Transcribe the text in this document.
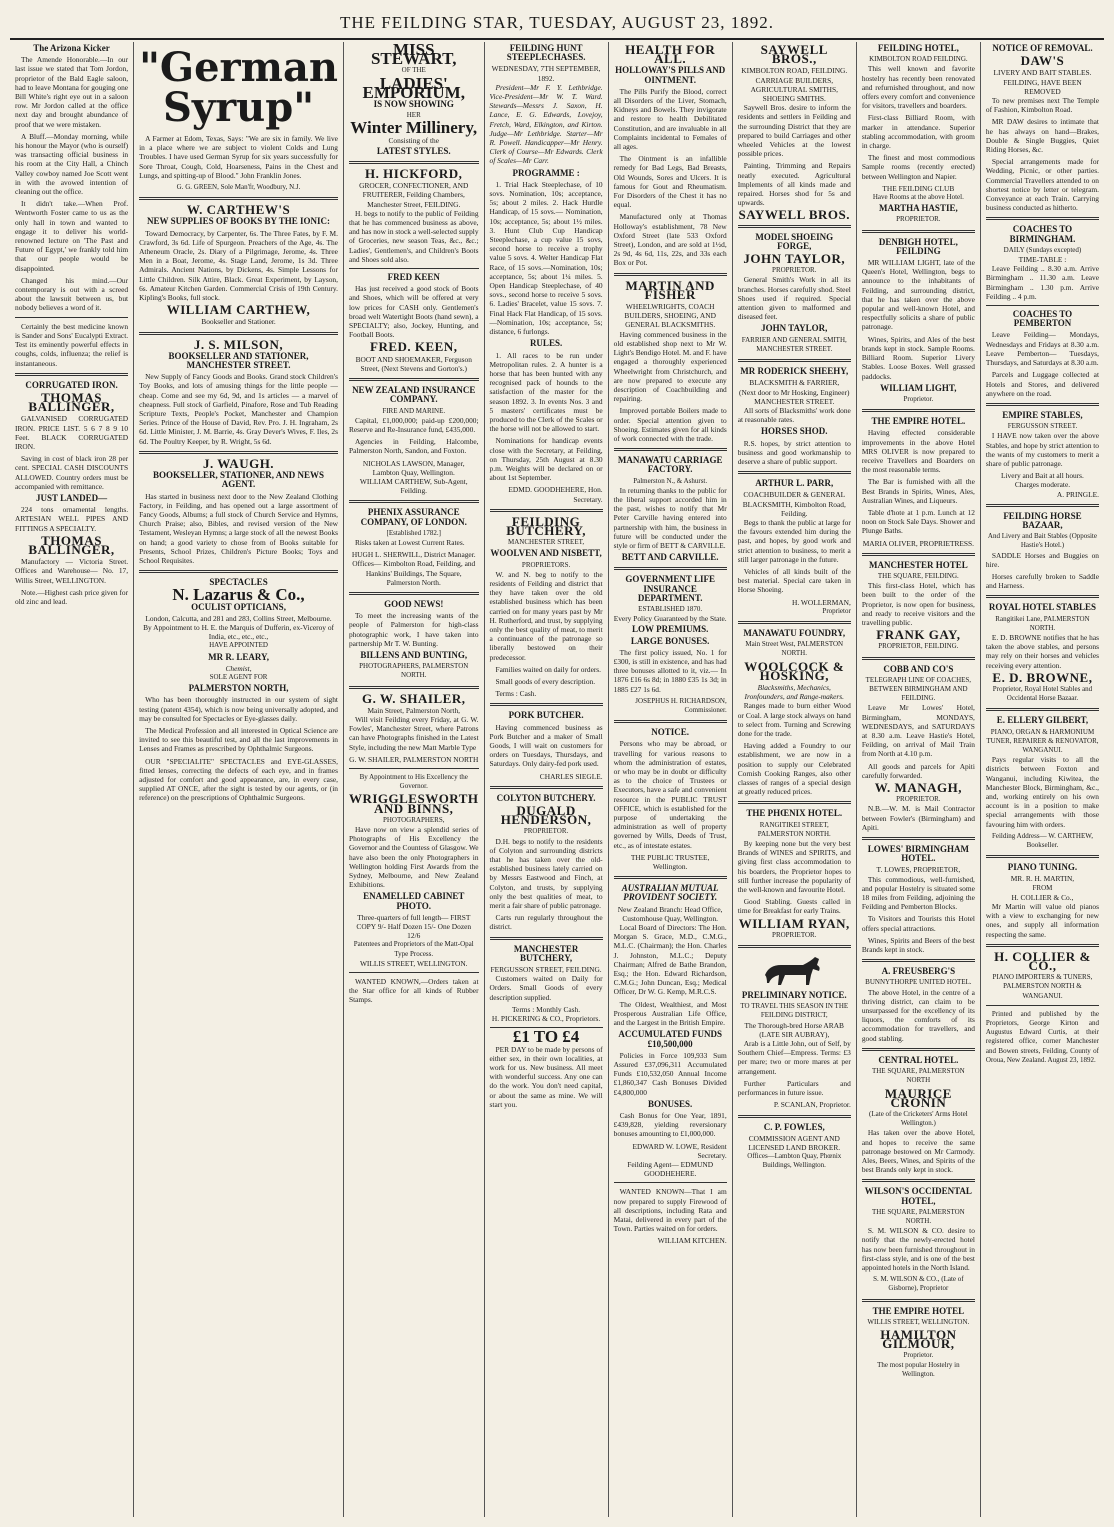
THE FEILDING STAR, TUESDAY, AUGUST 23, 1892.
The Arizona Kicker

The Amende Honorable.—In our last issue we stated that Tom Jordon, proprietor of the Bald Eagle saloon, had to leave Montana for gouging one Bill White's right eye out in a saloon row. Mr Jordon called at the office next day and brought abundance of proof that we were mistaken.

A Bluff.—Monday morning, while his honour the Mayor (who is ourself) was transacting official business in his room at the City Hall, a Chinch Valley cowboy named Joe Scott went in with the avowed intention of cleaning out the office.

It didn't take.—When Prof. Wentworth Foster came to us as the only hall in town and wanted to engage it to deliver his world-renowned lecture on 'The Past and Future of Egypt,' we frankly told him that our people would be disappointed.

Changed his mind.—Our contemporary is out with a screed about the lawsuit between us, but nobody believes a word of it.

Certainly the best medicine known is Sander and Sons' Eucalypti Extract. Test its eminently powerful effects in coughs, colds, influenza; the relief is instantaneous.

CORRUGATED IRON.
THOMAS BALLINGER,

GALVANISED CORRUGATED IRON. PRICE LIST. 5 6 7 8 9 10 Feet. BLACK CORRUGATED IRON.

Saving in cost of black iron 28 per cent. SPECIAL CASH DISCOUNTS ALLOWED. Country orders must be accompanied with remittance.

JUST LANDED—

224 tons ornamental lengths. ARTESIAN WELL PIPES AND FITTINGS A SPECIALTY.

THOMAS BALLINGER,

Manufactory — Victoria Street. Offices and Warehouse— No. 17, Willis Street, WELLINGTON.

Note.—Highest cash price given for old zinc and lead.

"German Syrup"

A Farmer at Edom, Texas, Says: "We are six in family. We live in a place where we are subject to violent Colds and Lung Troubles. I have used German Syrup for six years successfully for Sore Throat, Cough, Cold, Hoarseness, Pains in the Chest and Lungs, and spitting-up of Blood." John Franklin Jones.

G. G. GREEN, Sole Man'fr, Woodbury, N.J.
W. CARTHEW'S
NEW SUPPLIES OF BOOKS BY THE IONIC:

Toward Democracy, by Carpenter, 6s. The Three Fates, by F. M. Crawford, 3s 6d. Life of Spurgeon. Preachers of the Age, 4s. The Atheneum Oracle, 2s. Diary of a Pilgrimage, Jerome, 4s. Three Men in a Boat, Jerome, 4s. Stage Land, Jerome, 1s 3d. Three Admirals. Ancient Nations, by Dickens, 4s. Simple Lessons for Little Children. Silk Attire, Black. Great Experiment, by Layson, 6s. Amateur Kitchen Garden. Commercial Crisis of 19th Century. Kipling's Books, full stock.

WILLIAM CARTHEW,
Bookseller and Stationer.
J. S. MILSON,
BOOKSELLER AND STATIONER, MANCHESTER STREET.

New Supply of Fancy Goods and Books. Grand stock Children's Toy Books, and lots of amusing things for the little people — cheap. Come and see my 6d, 9d, and 1s articles — a marvel of cheapness. Full stock of Garfield, Pinafore, Rose and Tub Reading Scripture Texts, People's Pocket, Manchester and Champion Series. Prince of the House of David, Rev. Pro. J. H. Ingraham, 2s 6d. Little Minister, J. M. Barrie, 4s. Gray Dever's Wives, F. Iles, 2s 6d. The Poultry Keeper, by R. Wright, 5s 6d.

J. WAUGH.
BOOKSELLER, STATIONER, AND NEWS AGENT.

Has started in business next door to the New Zealand Clothing Factory, in Feilding, and has opened out a large assortment of Fancy Goods, Albums; a full stock of Church Service and Hymns, Church Praise; also, Bibles, and revised version of the New Testament, Wesleyan Hymns; a large stock of all the newest Books on hand; a good variety to chose from of Books suitable for Presents, School Prizes, Children's Picture Books; Toys and School Requisites.

SPECTACLES
N. Lazarus & Co.,
OCULIST OPTICIANS,
London, Calcutta, and 281 and 283, Collins Street, Melbourne.
By Appointment to H. E. the Marquis of Dufferin, ex-Viceroy of India, etc., etc., etc.,
HAVE APPOINTED
MR R. LEARY,
Chemist,
SOLE AGENT FOR
PALMERSTON NORTH,

Who has been thoroughly instructed in our system of sight testing (patent 4354), which is now being universally adopted, and may be consulted for Spectacles or Eye-glasses daily.

The Medical Profession and all interested in Optical Science are invited to see this beautiful test, and all the last improvements in Lenses and Frames as prescribed by Ophthalmic Surgeons.

OUR "SPECIALITE" SPECTACLES and EYE-GLASSES, fitted lenses, correcting the defects of each eye, and in frames adjusted for comfort and good appearance, are, in every case, supplied AT ONCE, after the sight is tested by our agents, or (in reference) on the prescriptions of Ophthalmic Surgeons.

MISS STEWART,
OF THE
LADIES' EMPORIUM,
IS NOW SHOWING
HER
Winter Millinery,
Consisting of the
LATEST STYLES.
H. HICKFORD,
GROCER, CONFECTIONER, AND FRUITERER, Feilding Chambers, Manchester Street, FEILDING.

H. begs to notify to the public of Feilding that he has commenced business as above, and has now in stock a well-selected supply of Groceries, new season Teas, &c., &c.; Ladies', Gentlemen's, and Children's Boots and Shoes sold also.

FRED KEEN

Has just received a good stock of Boots and Shoes, which will be offered at very low prices for CASH only. Gentlemen's broad welt Watertight Boots (hand sewn), a SPECIALTY; also, Jockey, Hunting, and Football Boots.

FRED. KEEN,
BOOT AND SHOEMAKER, Ferguson Street, (Next Stevens and Gorton's.)
NEW ZEALAND INSURANCE COMPANY.
FIRE AND MARINE.

Capital, £1,000,000; paid-up £200,000; Reserve and Re-Insurance fund, £435,000.

Agencies in Feilding, Halcombe, Palmerston North, Sandon, and Foxton.

NICHOLAS LAWSON, Manager, Lambton Quay, Wellington.
WILLIAM CARTHEW, Sub-Agent, Feilding.
PHENIX ASSURANCE COMPANY, OF LONDON.
[Established 1782.]

Risks taken at Lowest Current Rates.

HUGH L. SHERWILL, District Manager.
Offices— Kimbolton Road, Feilding, and Hankins' Buildings, The Square, Palmerston North.
GOOD NEWS!

To meet the increasing wants of the people of Palmerston for high-class photographic work, I have taken into partnership Mr T. W. Bunting.

BILLENS AND BUNTING,
PHOTOGRAPHERS, PALMERSTON NORTH.
G. W. SHAILER,
Main Street, Palmerston North,

Will visit Feilding every Friday, at G. W. Fowles', Manchester Street, where Patrons can have Photographs finished in the Latest Style, including the new Matt Marble Type

G. W. SHAILER, PALMERSTON NORTH
By Appointment to His Excellency the Governor.
WRIGGLESWORTH AND BINNS,
PHOTOGRAPHERS,

Have now on view a splendid series of Photographs of His Excellency the Governor and the Countess of Glasgow. We have also been the only Photographers in Wellington holding First Awards from the Sydney, Melbourne, and New Zealand Exhibitions.

ENAMELLED CABINET PHOTO.
Three-quarters of full length— FIRST COPY 9/- Half Dozen 15/- One Dozen 12/6
Patentees and Proprietors of the Matt-Opal Type Process.
WILLIS STREET, WELLINGTON.

WANTED KNOWN,—Orders taken at the Star office for all kinds of Rubber Stamps.

FEILDING HUNT STEEPLECHASES.
WEDNESDAY, 7TH SEPTEMBER, 1892.

President—Mr F. Y. Lethbridge. Vice-President—Mr W. T. Ward. Stewards—Messrs J. Saxon, H. Lance, E. G. Edwards, Lovejoy, Fretch, Ward, Elkington, and Kirton. Judge—Mr Lethbridge. Starter—Mr R. Powell. Handicapper—Mr Henry. Clerk of Course—Mr Edwards. Clerk of Scales—Mr Carr.

PROGRAMME :

1. Trial Hack Steeplechase, of 10 sovs. Nomination, 10s; acceptance, 5s; about 2 miles. 2. Hack Hurdle Handicap, of 15 sovs.— Nomination, 10s; acceptance, 5s; about 1½ miles. 3. Hunt Club Cup Handicap Steeplechase, a cup value 15 sovs, second horse to receive a trophy value 5 sovs. 4. Welter Handicap Flat Race, of 15 sovs.—Nomination, 10s; acceptance, 5s; about 1¼ miles. 5. Open Handicap Steeplechase, of 40 sovs., second horse to receive 5 sovs. 6. Ladies' Bracelet, value 15 sovs. 7. Final Hack Flat Handicap, of 15 sovs.—Nomination, 10s; acceptance, 5s; distance, 6 furlongs.

RULES.

1. All races to be run under Metropolitan rules. 2. A hunter is a horse that has been hunted with any recognised pack of hounds to the satisfaction of the master for the season 1892. 3. In events Nos. 3 and 5 masters' certificates must be produced to the Clerk of the Scales or the horse will not be allowed to start.

Nominations for handicap events close with the Secretary, at Feilding, on Thursday, 25th August at 8.30 p.m. Weights will be declared on or about 1st September.

EDMD. GOODHEHERE, Hon. Secretary.
FEILDING BUTCHERY,
MANCHESTER STREET,
WOOLVEN AND NISBETT,
PROPRIETORS.

W. and N. beg to notify to the residents of Feilding and district that they have taken over the old established business which has been carried on for many years past by Mr H. Rutherford, and trust, by supplying only the best quality of meat, to merit a continuance of the patronage so liberally bestowed on their predecessor.

Families waited on daily for orders.

Small goods of every description.

Terms : Cash.

PORK BUTCHER.

Having commenced business as Pork Butcher and a maker of Small Goods, I will wait on customers for orders on Tuesdays, Thursdays, and Saturdays. Only dairy-fed pork used.

CHARLES SIEGLE.
COLYTON BUTCHERY.
DUGALD HENDERSON,
PROPRIETOR.

D.H. begs to notify to the residents of Colyton and surrounding districts that he has taken over the old-established business lately carried on by Messrs Eastwood and Finch, at Colyton, and trusts, by supplying only the best qualities of meat, to merit a fair share of public patronage.

Carts run regularly throughout the district.

MANCHESTER BUTCHERY,
FERGUSSON STREET, FEILDING.

Customers waited on Daily for Orders. Small Goods of every description supplied.

Terms : Monthly Cash.
H. PICKERING & CO., Proprietors.
£1 TO £4

PER DAY to be made by persons of either sex, in their own localities, at work for us. New business. All meet with wonderful success. Any one can do the work. You don't need capital, or about the same as mine. We will start you.

HEALTH FOR ALL.
HOLLOWAY'S PILLS AND OINTMENT.

The Pills Purify the Blood, correct all Disorders of the Liver, Stomach, Kidneys and Bowels. They invigorate and restore to health Debilitated Constitution, and are invaluable in all Complaints incidental to Females of all ages.

The Ointment is an infallible remedy for Bad Legs, Bad Breasts, Old Wounds, Sores and Ulcers. It is famous for Gout and Rheumatism. For Disorders of the Chest it has no equal.

Manufactured only at Thomas Holloway's establishment, 78 New Oxford Street (late 533 Oxford Street), London, and are sold at 1½d, 2s 9d, 4s 6d, 11s, 22s, and 33s each Box or Pot.

MARTIN AND FISHER
WHEELWRIGHTS, COACH BUILDERS, SHOEING, AND GENERAL BLACKSMITHS.

Having commenced business in the old established shop next to Mr W. Light's Bendigo Hotel. M. and F. have engaged a thoroughly experienced Wheelwright from Christchurch, and are now prepared to execute any description of Coachbuilding and repairing.

Improved portable Boilers made to order. Special attention given to Shoeing. Estimates given for all kinds of work connected with the trade.

MANAWATU CARRIAGE FACTORY.
Palmerston N., & Ashurst.

In returning thanks to the public for the liberal support accorded him in the past, wishes to notify that Mr Peter Carville having entered into partnership with him, the business in future will be conducted under the style or firm of BETT & CARVILLE.

BETT AND CARVILLE.
GOVERNMENT LIFE INSURANCE DEPARTMENT.
ESTABLISHED 1870.
Every Policy Guaranteed by the State.
LOW PREMIUMS.
LARGE BONUSES.

The first policy issued, No. 1 for £300, is still in existence, and has had three bonuses allotted to it, viz.— In 1876 £16 6s 8d; in 1880 £35 1s 3d; in 1885 £27 1s 6d.

JOSEPHUS H. RICHARDSON, Commissioner.
NOTICE.

Persons who may be abroad, or travelling for various reasons to whom the administration of estates, or who may be in doubt or difficulty as to the choice of Trustees or Executors, have a safe and convenient resource in the PUBLIC TRUST OFFICE, which is established for the purpose of undertaking the administration as well of property governed by Wills, Deeds of Trust, etc., as of intestate estates.

THE PUBLIC TRUSTEE, Wellington.
AUSTRALIAN MUTUAL PROVIDENT SOCIETY.
New Zealand Branch: Head Office, Customhouse Quay, Wellington.

Local Board of Directors: The Hon. Morgan S. Grace, M.D., C.M.G., M.L.C. (Chairman); the Hon. Charles J. Johnston, M.L.C.; Deputy Chairman; Alfred de Bathe Brandon, Esq.; the Hon. Edward Richardson, C.M.G.; John Duncan, Esq.; Medical Officer, Dr W. G. Kemp, M.R.C.S.

The Oldest, Wealthiest, and Most Prosperous Australian Life Office, and the Largest in the British Empire.

ACCUMULATED FUNDS £10,500,000

Policies in Force 109,933 Sum Assured £37,096,311 Accumulated Funds £10,532,050 Annual Income £1,860,347 Cash Bonuses Divided £4,800,000

BONUSES.

Cash Bonus for One Year, 1891, £439,828, yielding reversionary bonuses amounting to £1,000,000.

EDWARD W. LOWE, Resident Secretary.
Feilding Agent— EDMUND GOODHEHERE.

WANTED KNOWN—That I am now prepared to supply Firewood of all descriptions, including Rata and Matai, delivered in every part of the Town. Parties waited on for orders.

WILLIAM KITCHEN.
SAYWELL BROS.,
KIMBOLTON ROAD, FEILDING. CARRIAGE BUILDERS, AGRICULTURAL SMITHS, SHOEING SMITHS.

Saywell Bros. desire to inform the residents and settlers in Feilding and the surrounding District that they are prepared to build Carriages and other wheeled Vehicles at the lowest possible prices.

Painting, Trimming and Repairs neatly executed. Agricultural Implements of all kinds made and repaired. Horses shod for 5s and upwards.

SAYWELL BROS.
MODEL SHOEING FORGE,
JOHN TAYLOR,
PROPRIETOR.

General Smith's Work in all its branches. Horses carefully shod. Steel Shoes used if required. Special attention given to malformed and diseased feet.

JOHN TAYLOR,
FARRIER AND GENERAL SMITH, MANCHESTER STREET.
MR RODERICK SHEEHY,
BLACKSMITH & FARRIER,
(Next door to Mr Hosking, Engineer) MANCHESTER STREET.

All sorts of Blacksmiths' work done at reasonable rates.

HORSES SHOD.

R.S. hopes, by strict attention to business and good workmanship to deserve a share of public support.

ARTHUR L. PARR,
COACHBUILDER & GENERAL BLACKSMITH, Kimbolton Road, Feilding.

Begs to thank the public at large for the favours extended him during the past, and hopes, by good work and strict attention to business, to merit a still larger patronage in the future.

Vehicles of all kinds built of the best material. Special care taken in Horse Shoeing.

H. WOLLERMAN,
Proprietor
MANAWATU FOUNDRY,
Main Street West, PALMERSTON NORTH.
WOOLCOCK & HOSKING,
Blacksmiths, Mechanics, Ironfounders, and Range-makers.

Ranges made to burn either Wood or Coal. A large stock always on hand to select from. Turning and Screwing done for the trade.

Having added a Foundry to our establishment, we are now in a position to supply our Celebrated Cornish Cooking Ranges, also other classes of ranges of a special design at greatly reduced prices.

THE PHŒNIX HOTEL.
RANGITIKEI STREET, PALMERSTON NORTH.

By keeping none but the very best Brands of WINES and SPIRITS, and giving first class accommodation to his boarders, the Proprietor hopes to still further increase the popularity of the well-known and favourite Hotel.

Good Stabling. Guests called in time for Breakfast for early Trains.

WILLIAM RYAN,
PROPRIETOR.
PRELIMINARY NOTICE.
TO TRAVEL THIS SEASON IN THE FEILDING DISTRICT,
The Thorough-bred Horse ARAB (LATE SIR AUBRAY),

Arab is a Little John, out of Self, by Southern Chief—Empress. Terms: £3 per mare; two or more mares at per arrangement.

Further Particulars and performances in future issue.

P. SCANLAN, Proprietor.
C. P. FOWLES,
COMMISSION AGENT AND LICENSED LAND BROKER.
Offices—Lambton Quay, Phœnix Buildings, Wellington.
FEILDING HOTEL,
KIMBOLTON ROAD FEILDING.

This well known and favorite hostelry has recently been renovated and refurnished throughout, and now offers every comfort and convenience for visitors, travellers and boarders.

First-class Billiard Room, with marker in attendance. Superior stabling accommodation, with groom in charge.

The finest and most commodious Sample rooms (recently erected) between Wellington and Napier.

THE FEILDING CLUB
Have Rooms at the above Hotel.
MARTHA HASTIE,
PROPRIETOR.
DENBIGH HOTEL, FEILDING

MR WILLIAM LIGHT, late of the Queen's Hotel, Wellington, begs to announce to the inhabitants of Feilding, and surrounding district, that he has taken over the above popular and well-known Hotel, and respectfully solicits a share of public patronage.

Wines, Spirits, and Ales of the best brands kept in stock. Sample Rooms. Billiard Room. Superior Livery Stables. Loose Boxes. Well grassed paddocks.

WILLIAM LIGHT,
Proprietor.
THE EMPIRE HOTEL.

Having effected considerable improvements in the above Hotel MRS OLIVER is now prepared to receive Travellers and Boarders on the most reasonable terms.

The Bar is furnished with all the Best Brands in Spirits, Wines, Ales, Australian Wines, and Liqueurs.

Table d'hote at 1 p.m. Lunch at 12 noon on Stock Sale Days. Shower and Plunge Baths.

MARIA OLIVER, PROPRIETRESS.
MANCHESTER HOTEL
THE SQUARE, FEILDING.

This first-class Hotel, which has been built to the order of the Proprietor, is now open for business, and ready to receive visitors and the travelling public.

FRANK GAY,
PROPRIETOR, FEILDING.
COBB AND CO'S
TELEGRAPH LINE OF COACHES, BETWEEN BIRMINGHAM AND FEILDING.

Leave Mr Lowes' Hotel, Birmingham, MONDAYS, WEDNESDAYS, and SATURDAYS at 8.30 a.m. Leave Hastie's Hotel, Feilding, on arrival of Mail Train from North at 4.10 p.m.

All goods and parcels for Apiti carefully forwarded.

W. MANAGH,
PROPRIETOR.

N.B.—W. M. is Mail Contractor between Fowler's (Birmingham) and Apiti.

LOWES' BIRMINGHAM HOTEL.
T. LOWES, PROPRIETOR,

This commodious, well-furnished, and popular Hostelry is situated some 18 miles from Feilding, adjoining the Feilding and Pemberton Blocks.

To Visitors and Tourists this Hotel offers special attractions.

Wines, Spirits and Beers of the best Brands kept in stock.

A. FREUSBERG'S
BUNNYTHORPE UNITED HOTEL.

The above Hotel, in the centre of a thriving district, can claim to be unsurpassed for the excellency of its liquors, the comforts of its accommodation for travellers, and good stabling.

CENTRAL HOTEL.
THE SQUARE, PALMERSTON NORTH
MAURICE CRONIN
(Late of the Cricketers' Arms Hotel Wellington.)

Has taken over the above Hotel, and hopes to receive the same patronage bestowed on Mr Carmody. Ales, Beers, Wines, and Spirits of the best Brands only kept in stock.

WILSON'S OCCIDENTAL HOTEL,
THE SQUARE, PALMERSTON NORTH.

S. M. WILSON & CO. desire to notify that the newly-erected hotel has now been furnished throughout in first-class style, and is one of the best appointed hotels in the North Island.

S. M. WILSON & CO., (Late of Gisborne), Proprietor
THE EMPIRE HOTEL
WILLIS STREET, WELLINGTON.
HAMILTON GILMOUR,
Proprietor.
The most popular Hostelry in Wellington.
NOTICE OF REMOVAL.
DAW'S
LIVERY AND BAIT STABLES. FEILDING, HAVE BEEN REMOVED

To new premises next The Temple of Fashion, Kimbolton Road.

MR DAW desires to intimate that he has always on hand—Brakes, Double & Single Buggies, Quiet Riding Horses, &c.

Special arrangements made for Wedding, Picnic, or other parties. Commercial Travellers attended to on shortest notice by letter or telegram. Conveyance at each Train. Carrying business conducted as hitherto.

COACHES TO BIRMINGHAM.
DAILY (Sundays excepted)
TIME-TABLE :

Leave Feilding .. 8.30 a.m. Arrive Birmingham .. 11.30 a.m. Leave Birmingham .. 1.30 p.m. Arrive Feilding .. 4 p.m.

COACHES TO PEMBERTON

Leave Feilding— Mondays, Wednesdays and Fridays at 8.30 a.m. Leave Pemberton— Tuesdays, Thursdays, and Saturdays at 8.30 a.m.

Parcels and Luggage collected at Hotels and Stores, and delivered anywhere on the road.

EMPIRE STABLES,
FERGUSSON STREET.

I HAVE now taken over the above Stables, and hope by strict attention to the wants of my customers to merit a share of public patronage.

Livery and Bait at all hours.
Charges moderate.
A. PRINGLE.
FEILDING HORSE BAZAAR,
And Livery and Bait Stables (Opposite Hastie's Hotel.)

SADDLE Horses and Buggies on hire.

Horses carefully broken to Saddle and Harness.

ROYAL HOTEL STABLES
Rangitikei Lane, PALMERSTON NORTH.

E. D. BROWNE notifies that he has taken the above stables, and persons may rely on their horses and vehicles receiving every attention.

E. D. BROWNE,
Proprietor, Royal Hotel Stables and Occidental Horse Bazaar.
E. ELLERY GILBERT,
PIANO, ORGAN & HARMONIUM TUNER, REPAIRER & RENOVATOR, WANGANUI.

Pays regular visits to all the districts between Foxton and Wanganui, including Kiwitea, the Manchester Block, Birmingham, &c., and, working entirely on his own account is in a position to make special arrangements with those favouring him with orders.

Feilding Address— W. CARTHEW, Bookseller.
PIANO TUNING.
MR. R. H. MARTIN,
FROM
H. COLLIER & Co.,

Mr Martin will value old pianos with a view to exchanging for new ones, and supply all information respecting the same.

H. COLLIER & CO.,
PIANO IMPORTERS & TUNERS, PALMERSTON NORTH & WANGANUI.

Printed and published by the Proprietors, George Kirton and Augustus Edward Curtis, at their registered office, corner Manchester and Bowen streets, Feilding, County of Oroua, New Zealand. August 23, 1892.
